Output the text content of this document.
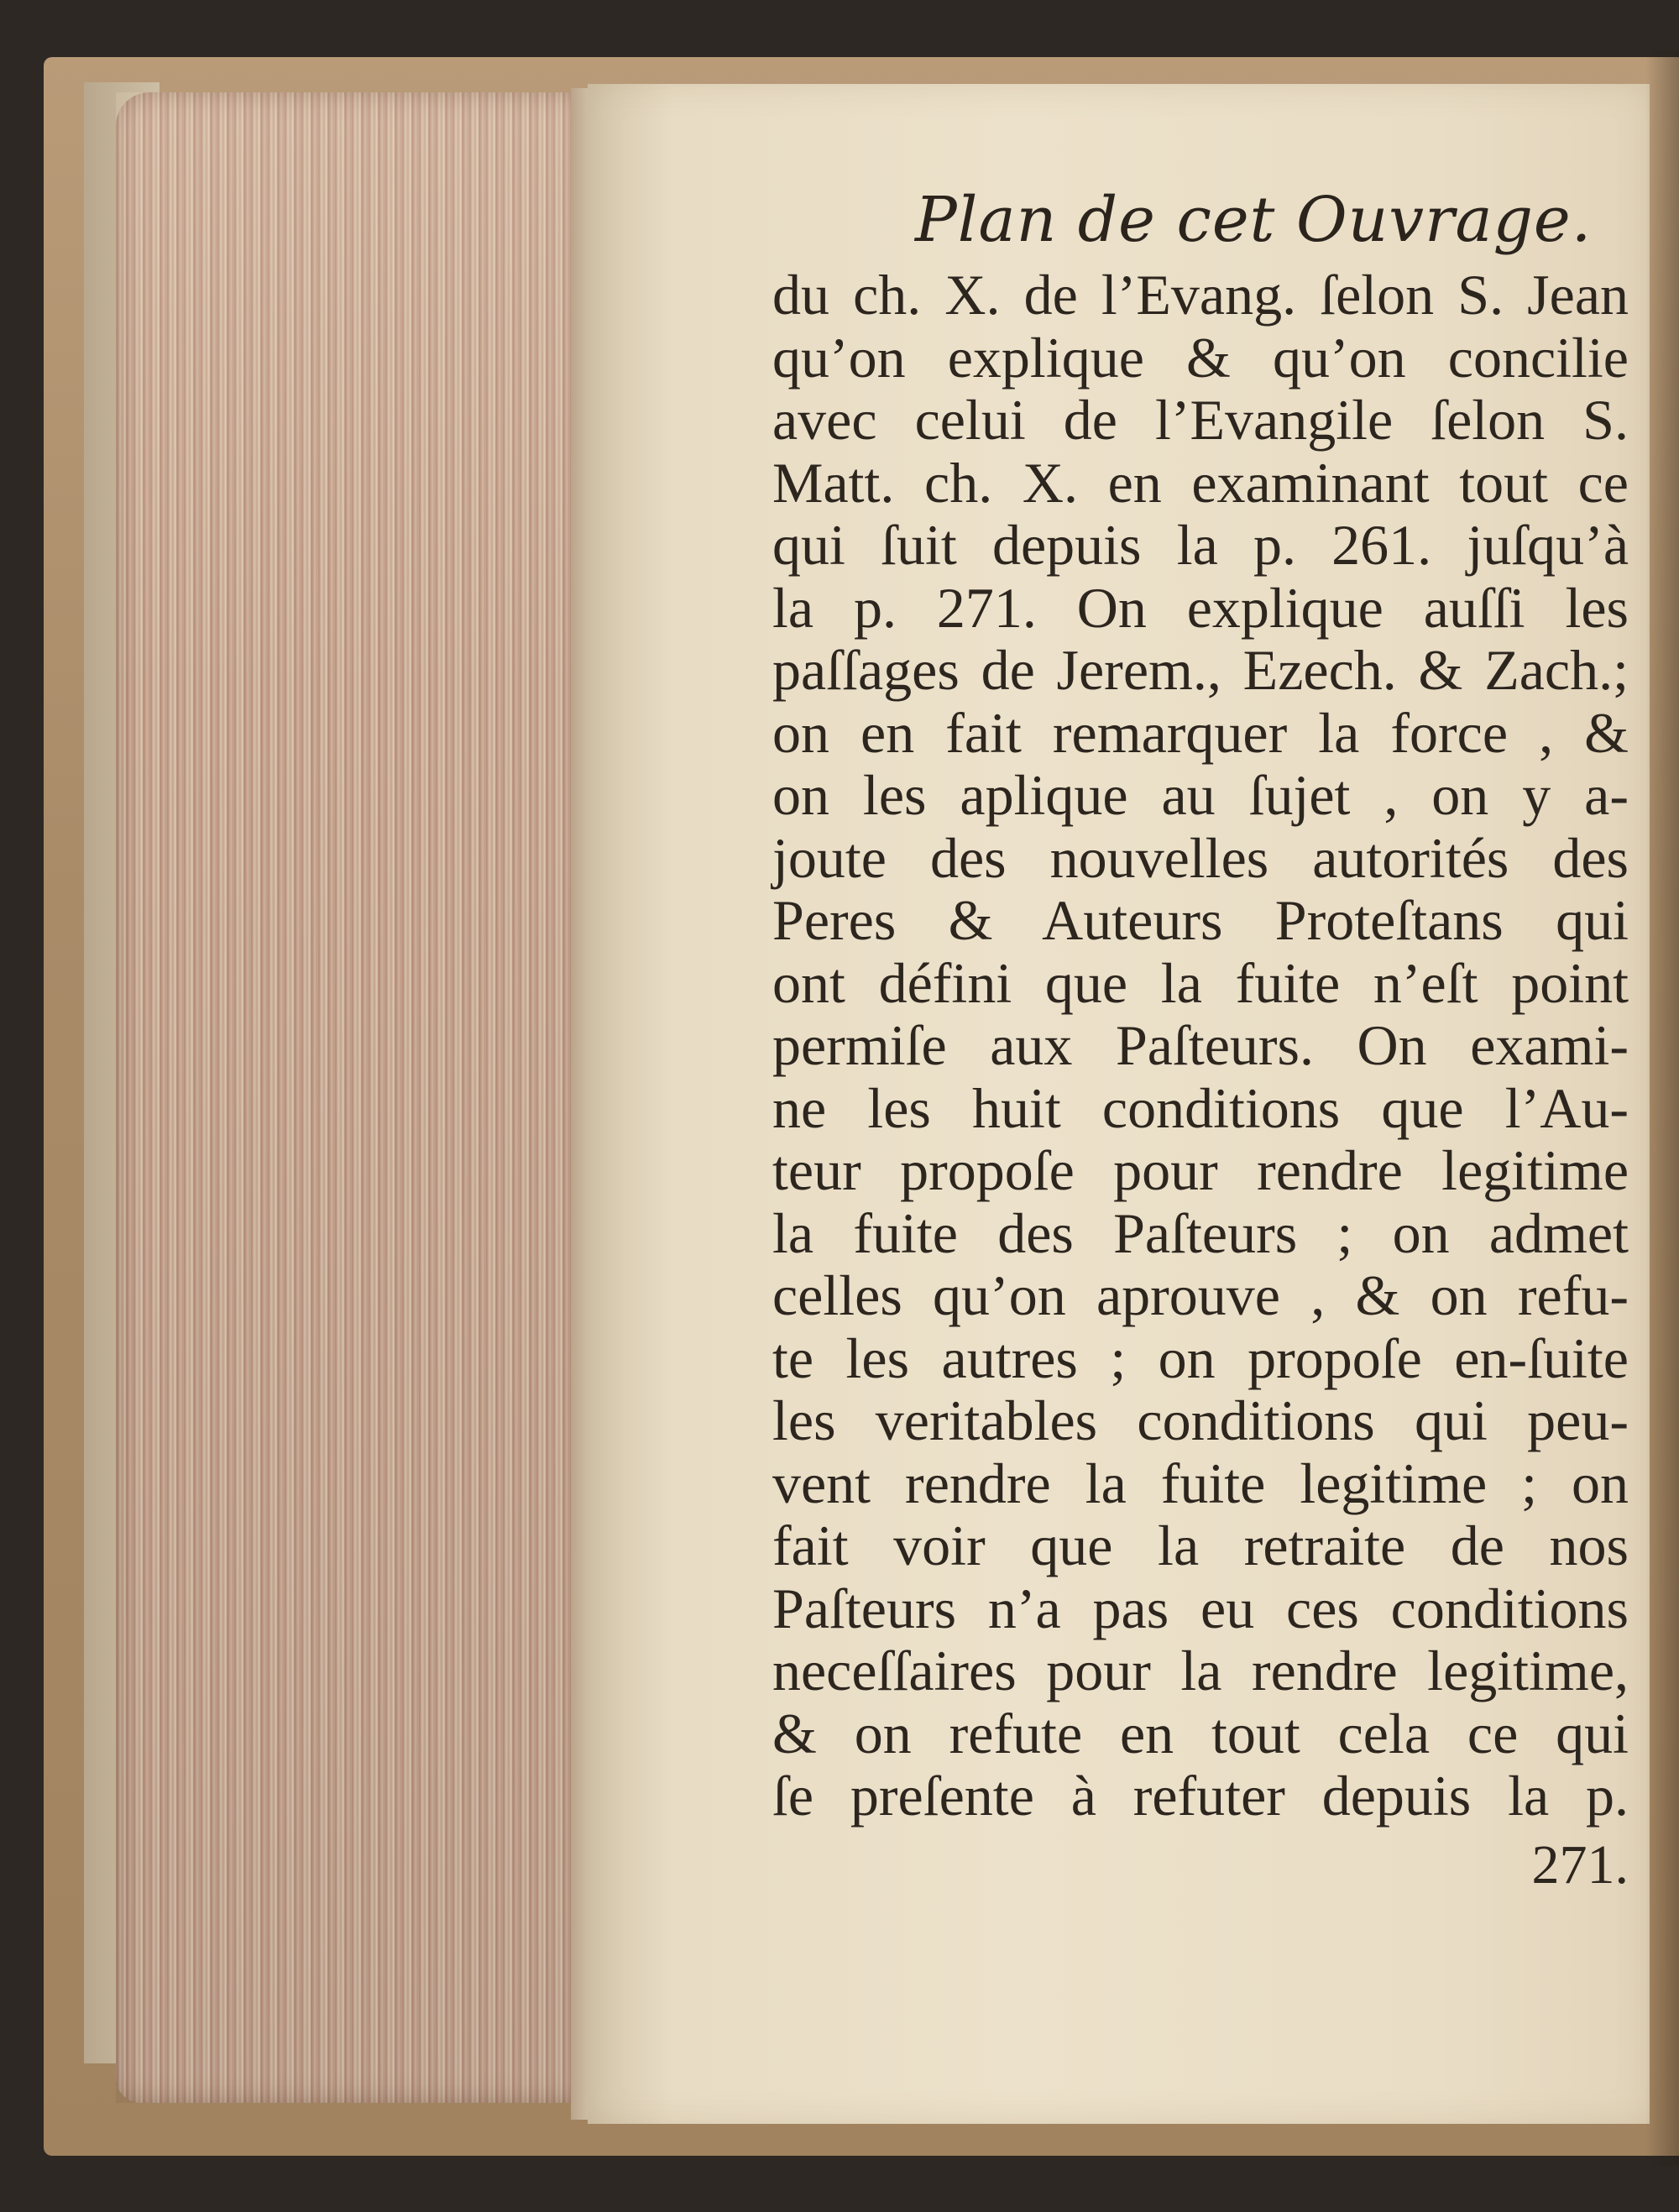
Plan de cet Ouvrage.
du ch. X. de l’Evang. ſelon S. Jean
qu’on explique & qu’on concilie
avec celui de l’Evangile ſelon S.
Matt. ch. X. en examinant tout ce
qui ſuit depuis la p. 261. juſqu’à
la p. 271. On explique auſſi les
paſſages de Jerem., Ezech. & Zach.;
on en fait remarquer la force , &
on les aplique au ſujet , on y a-
joute des nouvelles autorités des
Peres & Auteurs Proteſtans qui
ont défini que la fuite n’eſt point
permiſe aux Paſteurs. On exami-
ne les huit conditions que l’Au-
teur propoſe pour rendre legitime
la fuite des Paſteurs ; on admet
celles qu’on aprouve , & on refu-
te les autres ; on propoſe en-ſuite
les veritables conditions qui peu-
vent rendre la fuite legitime ; on
fait voir que la retraite de nos
Paſteurs n’a pas eu ces conditions
neceſſaires pour la rendre legitime,
& on refute en tout cela ce qui
ſe preſente à refuter depuis la p.
271.
